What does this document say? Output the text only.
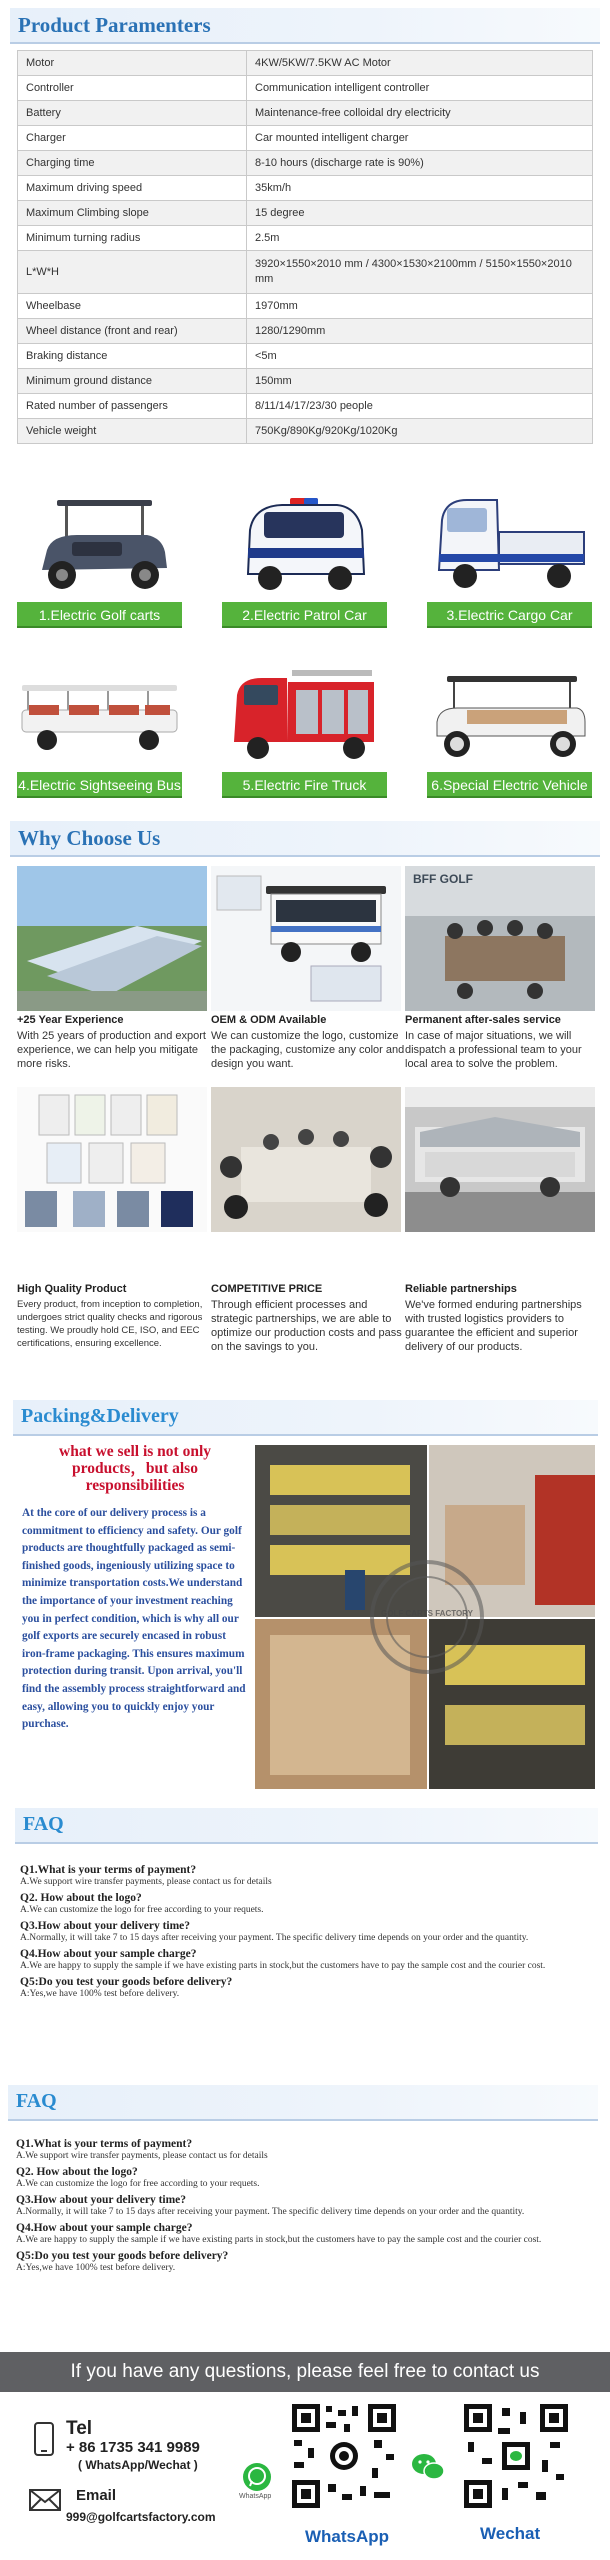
Product Paramenters
Motor	4KW/5KW/7.5KW AC Motor
Controller	Communication intelligent controller
Battery	Maintenance-free colloidal dry electricity
Charger	Car mounted intelligent charger
Charging time	8-10 hours (discharge rate is 90%)
Maximum driving speed	35km/h
Maximum Climbing slope	15 degree
Minimum turning radius	2.5m
L*W*H	3920×1550×2010 mm / 4300×1530×2100mm / 5150×1550×2010 mm
Wheelbase	1970mm
Wheel distance (front and rear)	1280/1290mm
Braking distance	<5m
Minimum ground distance	150mm
Rated number of passengers	8/11/14/17/23/30 people
Vehicle weight	750Kg/890Kg/920Kg/1020Kg
1.Electric Golf carts	2.Electric Patrol Car	3.Electric Cargo Car
4.Electric Sightseeing Bus	5.Electric Fire Truck	6.Special Electric Vehicle
Why Choose Us
BFF GOLF
+25 Year Experience
With 25 years of production and export experience, we can help you mitigate more risks.
OEM & ODM Available
We can customize the logo, customize the packaging, customize any color and design you want.
Permanent after-sales service
In case of major situations, we will dispatch a professional team to your local area to solve the problem.
High Quality Product
Every product, from inception to completion, undergoes strict quality checks and rigorous testing. We proudly hold CE, ISO, and EEC certifications, ensuring excellence.
COMPETITIVE PRICE
Through efficient processes and strategic partnerships, we are able to optimize our production costs and pass on the savings to you.
Reliable partnerships
We've formed enduring partnerships with trusted logistics providers to guarantee the efficient and superior delivery of our products.
Packing&Delivery
what we sell is not only products，but also responsibilities
At the core of our delivery process is a commitment to efficiency and safety. Our golf products are thoughtfully packaged as semi-finished goods, ingeniously utilizing space to minimize transportation costs.We understand the importance of your investment reaching you in perfect condition, which is why all our golf exports are securely encased in robust iron-frame packaging. This ensures maximum protection during transit. Upon arrival, you'll find the assembly process straightforward and easy, allowing you to quickly enjoy your purchase.
GOLF CARTS FACTORY
FAQ
Q1.What is your terms of payment?
A.We support wire transfer payments, please contact us for details
Q2. How about the logo?
A.We can customize the logo for free according to your requets.
Q3.How about your delivery time?
A.Normally, it will take 7 to 15 days after receiving your payment. The specific delivery time depends on your order and the quantity.
Q4.How about your sample charge?
A.We are happy to supply the sample if we have existing parts in stock,but the customers have to pay the sample cost and the courier cost.
Q5:Do you test your goods before delivery?
A:Yes,we have 100% test before delivery.
FAQ
Q1.What is your terms of payment?
A.We support wire transfer payments, please contact us for details
Q2. How about the logo?
A.We can customize the logo for free according to your requets.
Q3.How about your delivery time?
A.Normally, it will take 7 to 15 days after receiving your payment. The specific delivery time depends on your order and the quantity.
Q4.How about your sample charge?
A.We are happy to supply the sample if we have existing parts in stock,but the customers have to pay the sample cost and the courier cost.
Q5:Do you test your goods before delivery?
A:Yes,we have 100% test before delivery.
If you have any questions, please feel free to contact us
Tel
+ 86 1735 341 9989
( WhatsApp/Wechat )
Email
999@golfcartsfactory.com
WhatsApp
WhatsApp	Wechat
